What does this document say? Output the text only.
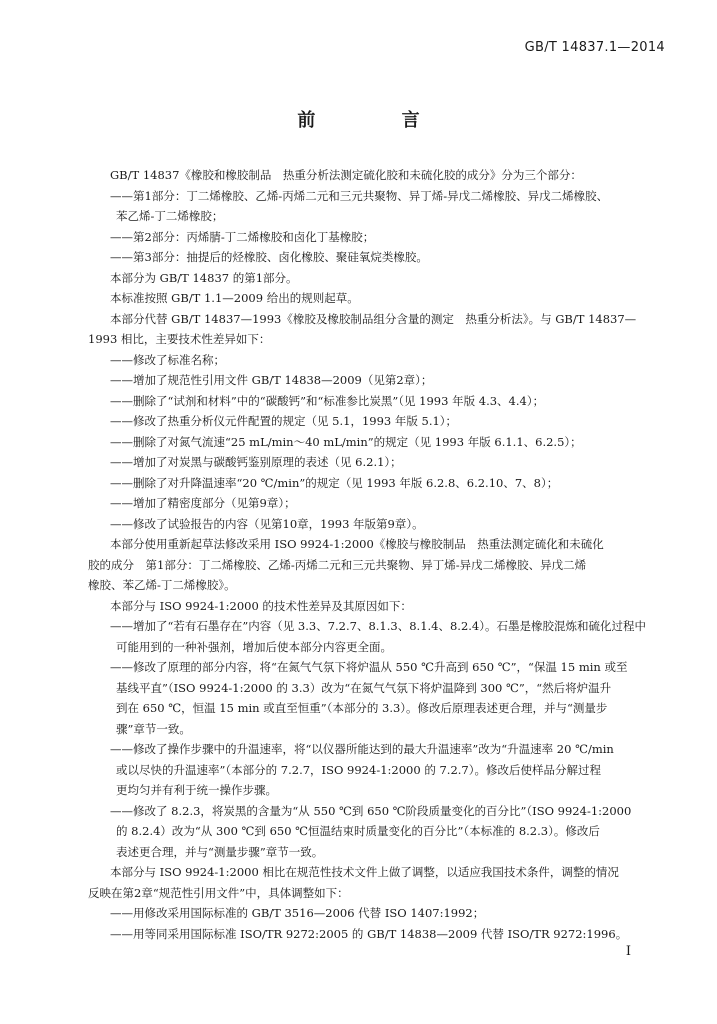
GB/T 14837.1—2014
前 言

GB/T 14837《橡胶和橡胶制品　热重分析法测定硫化胶和未硫化胶的成分》分为三个部分：

——第1部分：丁二烯橡胶、乙烯-丙烯二元和三元共聚物、异丁烯-异戊二烯橡胶、异戊二烯橡胶、

苯乙烯-丁二烯橡胶；

——第2部分：丙烯腈-丁二烯橡胶和卤化丁基橡胶；

——第3部分：抽提后的烃橡胶、卤化橡胶、聚硅氧烷类橡胶。

本部分为 GB/T 14837 的第1部分。

本标准按照 GB/T 1.1—2009 给出的规则起草。

本部分代替 GB/T 14837—1993《橡胶及橡胶制品组分含量的测定　热重分析法》。与 GB/T 14837—

1993 相比，主要技术性差异如下：

——修改了标准名称；

——增加了规范性引用文件 GB/T 14838—2009（见第2章）；

——删除了“试剂和材料”中的“碳酸钙”和“标准参比炭黑”（见 1993 年版 4.3、4.4）；

——修改了热重分析仪元件配置的规定（见 5.1，1993 年版 5.1）；

——删除了对氮气流速“25 mL/min～40 mL/min”的规定（见 1993 年版 6.1.1、6.2.5）；

——增加了对炭黑与碳酸钙鉴别原理的表述（见 6.2.1）；

——删除了对升降温速率“20 ℃/min”的规定（见 1993 年版 6.2.8、6.2.10、7、8）；

——增加了精密度部分（见第9章）；

——修改了试验报告的内容（见第10章，1993 年版第9章）。

本部分使用重新起草法修改采用 ISO 9924-1:2000《橡胶与橡胶制品　热重法测定硫化和未硫化

胶的成分　第1部分：丁二烯橡胶、乙烯-丙烯二元和三元共聚物、异丁烯-异戊二烯橡胶、异戊二烯

橡胶、苯乙烯-丁二烯橡胶》。

本部分与 ISO 9924-1:2000 的技术性差异及其原因如下：

——增加了“若有石墨存在”内容（见 3.3、7.2.7、8.1.3、8.1.4、8.2.4）。石墨是橡胶混炼和硫化过程中

可能用到的一种补强剂，增加后使本部分内容更全面。

——修改了原理的部分内容，将“在氮气气氛下将炉温从 550 ℃升高到 650 ℃”，“保温 15 min 或至

基线平直”（ISO 9924-1:2000 的 3.3）改为“在氮气气氛下将炉温降到 300 ℃”，“然后将炉温升

到在 650 ℃，恒温 15 min 或直至恒重”（本部分的 3.3）。修改后原理表述更合理，并与“测量步

骤”章节一致。

——修改了操作步骤中的升温速率，将“以仪器所能达到的最大升温速率”改为“升温速率 20 ℃/min

或以尽快的升温速率”（本部分的 7.2.7，ISO 9924-1:2000 的 7.2.7）。修改后使样品分解过程

更均匀并有利于统一操作步骤。

——修改了 8.2.3，将炭黑的含量为“从 550 ℃到 650 ℃阶段质量变化的百分比”（ISO 9924-1:2000

的 8.2.4）改为“从 300 ℃到 650 ℃恒温结束时质量变化的百分比”（本标准的 8.2.3）。修改后

表述更合理，并与“测量步骤”章节一致。

本部分与 ISO 9924-1:2000 相比在规范性技术文件上做了调整，以适应我国技术条件，调整的情况

反映在第2章“规范性引用文件”中，具体调整如下：

——用修改采用国际标准的 GB/T 3516—2006 代替 ISO 1407:1992；

——用等同采用国际标准 ISO/TR 9272:2005 的 GB/T 14838—2009 代替 ISO/TR 9272:1996。

I
